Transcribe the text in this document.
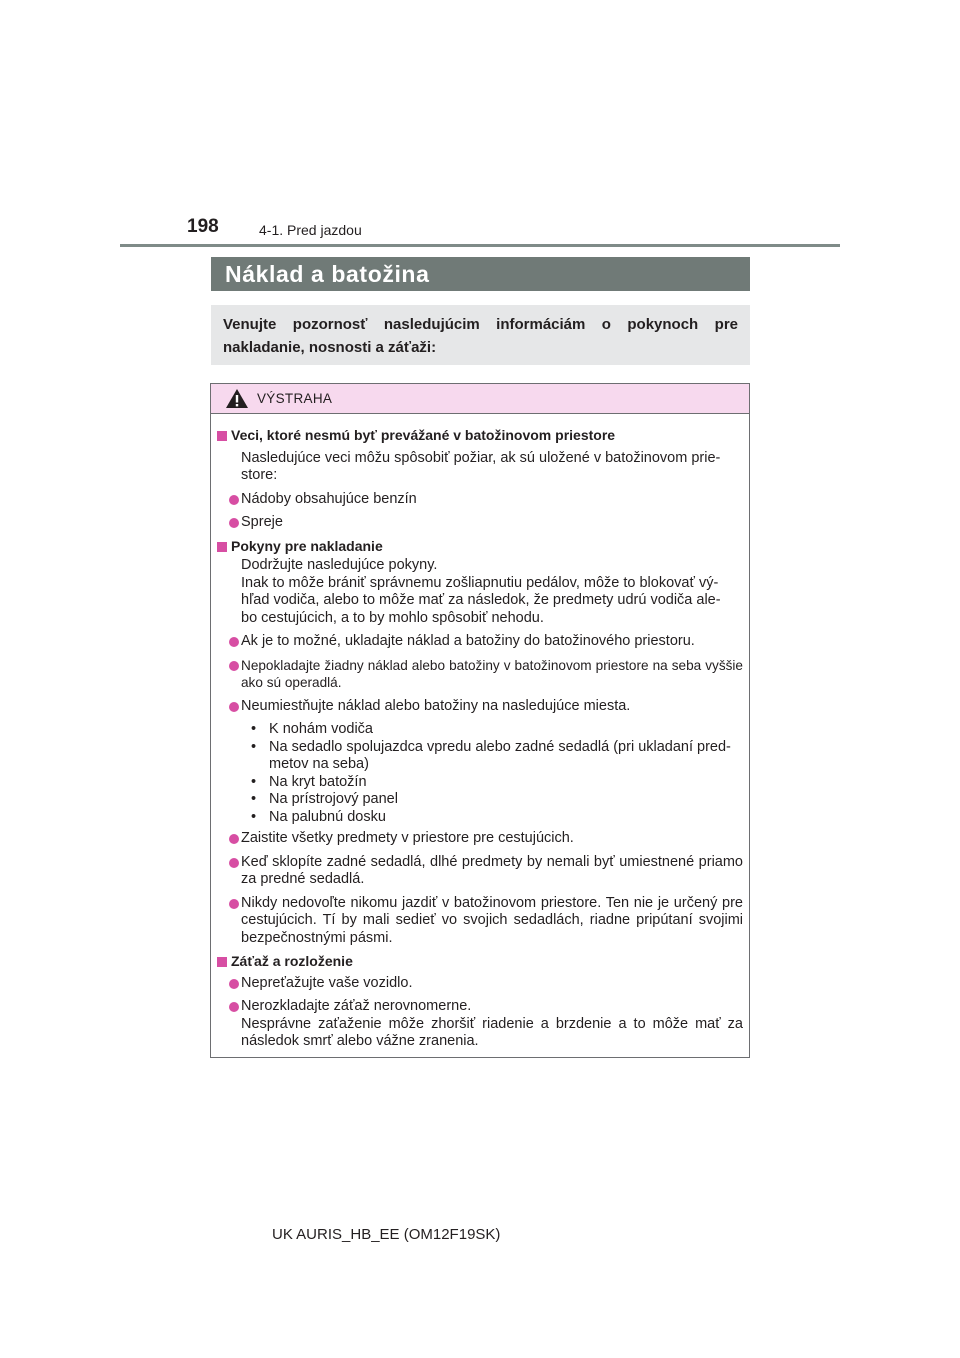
198	4-1. Pred jazdou
Náklad a batožina
Venujte pozornosť nasledujúcim informáciám o pokynoch pre nakladanie, nosnosti a záťaži:
VÝSTRAHA
Veci, ktoré nesmú byť prevážané v batožinovom priestore
Nasledujúce veci môžu spôsobiť požiar, ak sú uložené v batožinovom prie-
store:
Nádoby obsahujúce benzín
Spreje
Pokyny pre nakladanie
Dodržujte nasledujúce pokyny.
Inak to môže brániť správnemu zošliapnutiu pedálov, môže to blokovať vý-
hľad vodiča, alebo to môže mať za následok, že predmety udrú vodiča ale-
bo cestujúcich, a to by mohlo spôsobiť nehodu.
Ak je to možné, ukladajte náklad a batožiny do batožinového priestoru.
Nepokladajte žiadny náklad alebo batožiny v batožinovom priestore na seba vyššie ako sú operadlá.
Neumiestňujte náklad alebo batožiny na nasledujúce miesta.
• K nohám vodiča
• Na sedadlo spolujazdca vpredu alebo zadné sedadlá (pri ukladaní pred-
metov na seba)
• Na kryt batožín
• Na prístrojový panel
• Na palubnú dosku
Zaistite všetky predmety v priestore pre cestujúcich.
Keď sklopíte zadné sedadlá, dlhé predmety by nemali byť umiestnené priamo za predné sedadlá.
Nikdy nedovoľte nikomu jazdiť v batožinovom priestore. Ten nie je určený pre cestujúcich. Tí by mali sedieť vo svojich sedadlách, riadne pripútaní svojimi bezpečnostnými pásmi.
Záťaž a rozloženie
Nepreťažujte vaše vozidlo.
Nerozkladajte záťaž nerovnomerne.
Nesprávne zaťaženie môže zhoršiť riadenie a brzdenie a to môže mať za následok smrť alebo vážne zranenia.
UK AURIS_HB_EE (OM12F19SK)
